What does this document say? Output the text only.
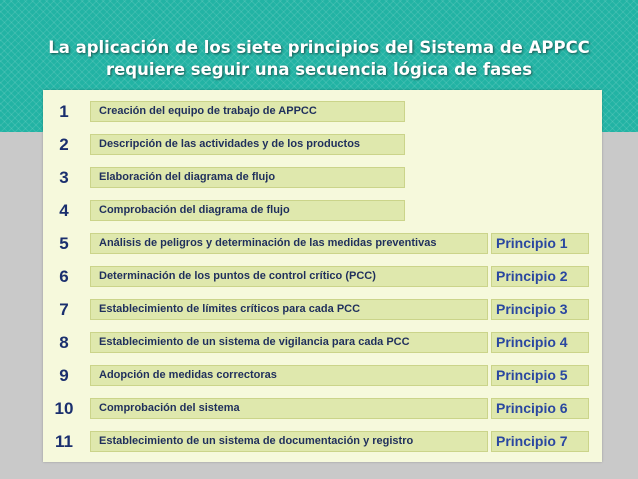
La aplicación de los siete principios del Sistema de APPCC
requiere seguir una secuencia lógica de fases
1	Creación del equipo de trabajo de APPCC
2	Descripción de las actividades y de los productos
3	Elaboración del diagrama de flujo
4	Comprobación del diagrama de flujo
5	Análisis de peligros y determinación de las medidas preventivas	Principio 1
6	Determinación de los puntos de control crítico (PCC)	Principio 2
7	Establecimiento de límites críticos para cada PCC	Principio 3
8	Establecimiento de un sistema de vigilancia para cada PCC	Principio 4
9	Adopción de medidas correctoras	Principio 5
10	Comprobación del sistema	Principio 6
11	Establecimiento de un sistema de documentación y registro	Principio 7
